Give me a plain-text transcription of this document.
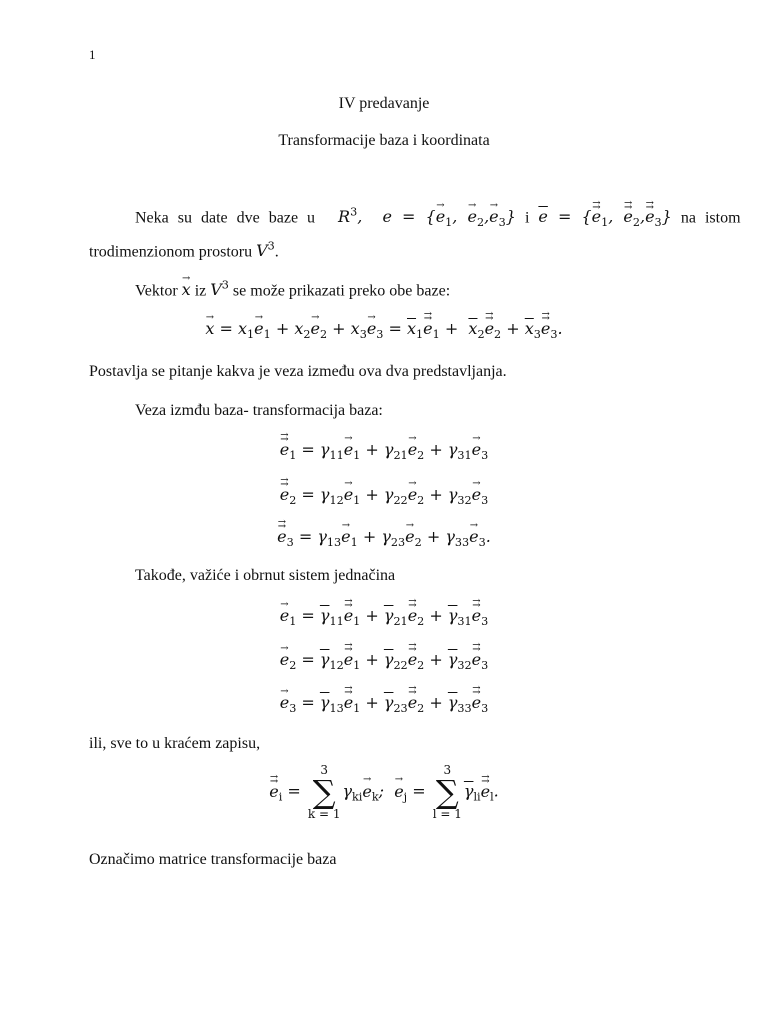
1
IV predavanje
Transformacije baza i koordinata
Neka su date dve baze u $R^3$,  e = {→ $e_1$, → $e_2,\to e_3$} i $\overline{e}$ = {⇉ $e_1$, ⇉ $e_2,⇉$ $e_3$} na istom
trodimenzionom prostoru $V^3$.
Vektor → x iz $V^3$ se može prikazati preko obe baze:
→ $x = x_1\to e_1 + x_2\to e_2 + x_3\to e_3$ = $\overline{x}_1⇉$ $e_1$ +  $\overline{x}_2⇉$ $e_2$ + $\overline{x}_3⇉$ $e_3$.
Postavlja se pitanje kakva je veza između ova dva predstavljanja.
Veza izmđu baza- transformacija baza:
⇉ $e_1 = \gamma_{11}\to e_1 + \gamma_{21}\to e_2 + \gamma_{31}\to e_3$
⇉ $e_2 = \gamma_{12}\to e_1 + \gamma_{22}\to e_2 + \gamma_{32}\to e_3$
⇉ $e_3 = \gamma_{13}\to e_1 + \gamma_{23}\to e_2 + \gamma_{33}\to e_3$.
Takođe, važiće i obrnut sistem jednačina
→ $e_1$ = $\overline{\gamma}_{11}⇉$ $e_1$ + $\overline{\gamma}_{21}⇉$ $e_2$ + $\overline{\gamma}_{31}⇉$ $e_3$
→ $e_2$ = $\overline{\gamma}_{12}⇉$ $e_1$ + $\overline{\gamma}_{22}⇉$ $e_2$ + $\overline{\gamma}_{32}⇉$ $e_3$
→ $e_3$ = $\overline{\gamma}_{13}⇉$ $e_1$ + $\overline{\gamma}_{23}⇉$ $e_2$ + $\overline{\gamma}_{33}⇉$ $e_3$
ili, sve to u kraćem zapisu,
⇉ $e_i$ =
3
∑
k = 1
$\gamma_{ki}\to e_k$;  → $e_j$ =
3
∑
l = 1
$\overline{\gamma}_{li}⇉$ $e_l$.
Označimo matrice transformacije baza
